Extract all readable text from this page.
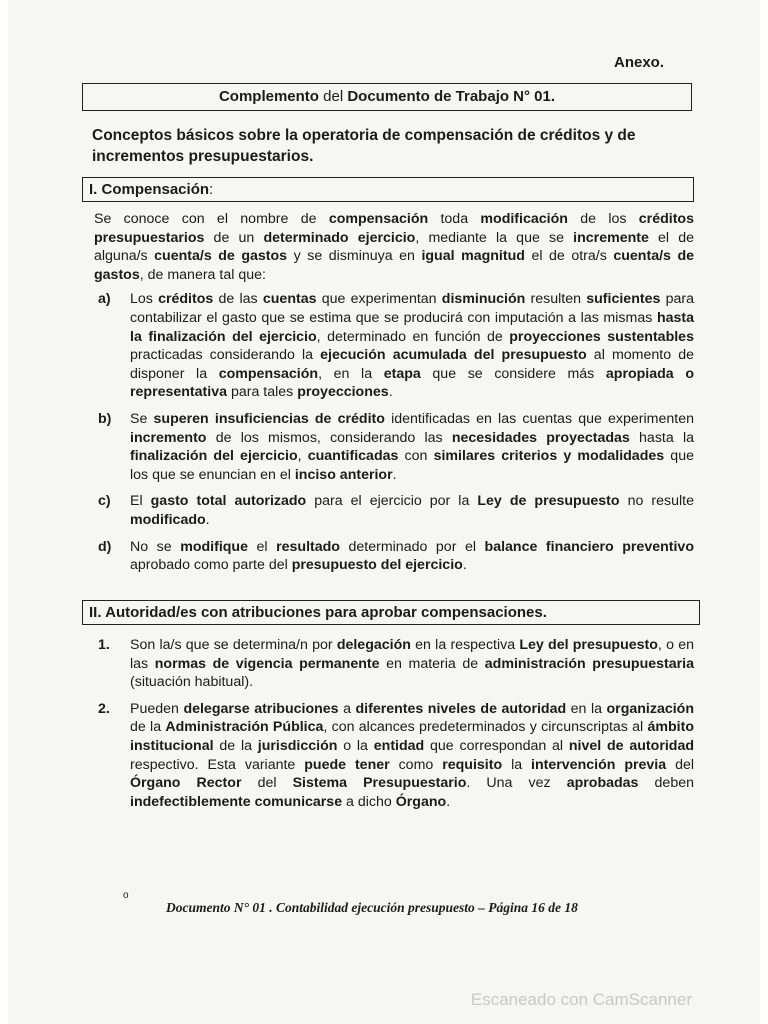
Anexo.
Complemento del Documento de Trabajo N° 01.
Conceptos básicos sobre la operatoria de compensación de créditos y de incrementos presupuestarios.
I. Compensación:

Se conoce con el nombre de compensación toda modificación de los créditos presupuestarios de un determinado ejercicio, mediante la que se incremente el de alguna/s cuenta/s de gastos y se disminuya en igual magnitud el de otra/s cuenta/s de gastos, de manera tal que:

a)	Los créditos de las cuentas que experimentan disminución resulten suficientes para contabilizar el gasto que se estima que se producirá con imputación a las mismas hasta la finalización del ejercicio, determinado en función de proyecciones sustentables practicadas considerando la ejecución acumulada del presupuesto al momento de disponer la compensación, en la etapa que se considere más apropiada o representativa para tales proyecciones.
b)	Se superen insuficiencias de crédito identificadas en las cuentas que experimenten incremento de los mismos, considerando las necesidades proyectadas hasta la finalización del ejercicio, cuantificadas con similares criterios y modalidades que los que se enuncian en el inciso anterior.
c)	El gasto total autorizado para el ejercicio por la Ley de presupuesto no resulte modificado.
d)	No se modifique el resultado determinado por el balance financiero preventivo aprobado como parte del presupuesto del ejercicio.
II. Autoridad/es con atribuciones para aprobar compensaciones.
1.	Son la/s que se determina/n por delegación en la respectiva Ley del presupuesto, o en las normas de vigencia permanente en materia de administración presupuestaria (situación habitual).
2.	Pueden delegarse atribuciones a diferentes niveles de autoridad en la organización de la Administración Pública, con alcances predeterminados y circunscriptas al ámbito institucional de la jurisdicción o la entidad que correspondan al nivel de autoridad respectivo. Esta variante puede tener como requisito la intervención previa del Órgano Rector del Sistema Presupuestario. Una vez aprobadas deben indefectiblemente comunicarse a dicho Órgano.
o
Documento N° 01 . Contabilidad ejecución presupuesto – Página 16 de 18
Escaneado con CamScanner
